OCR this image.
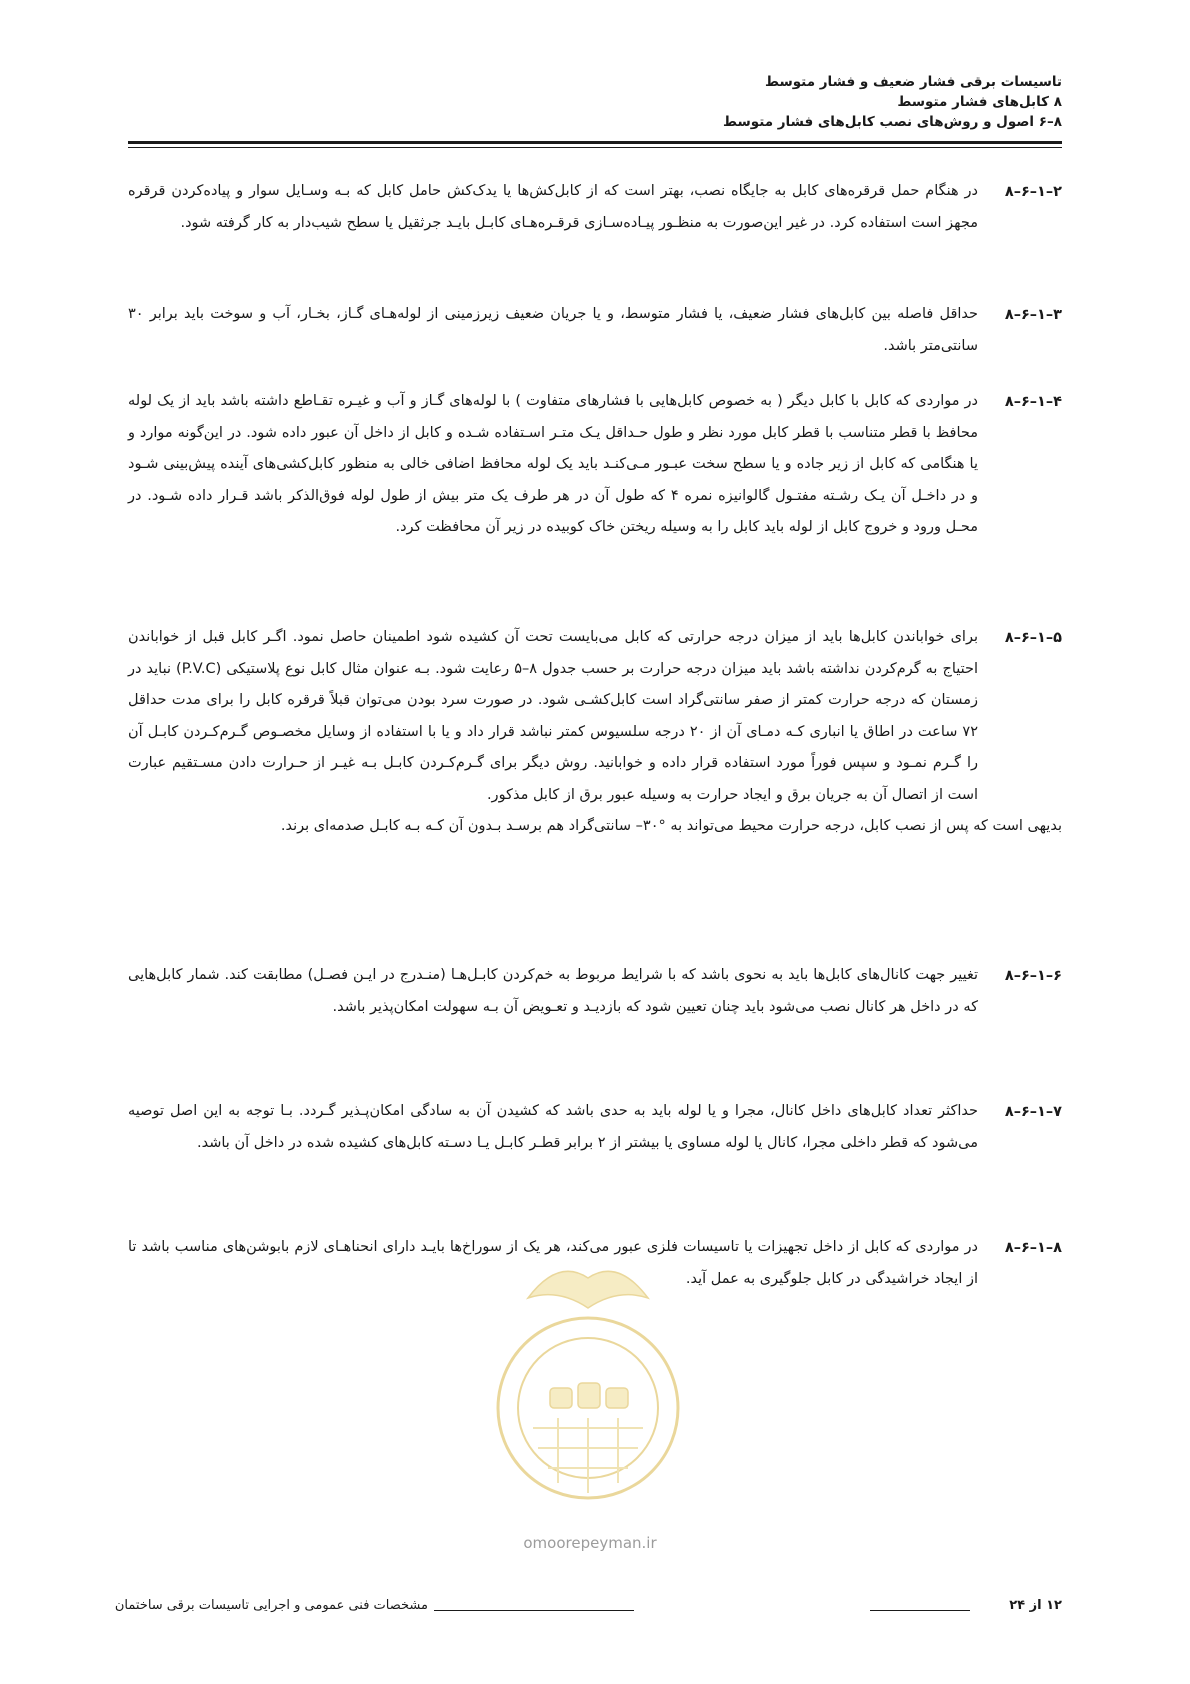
تاسیسات برقی فشار ضعیف و فشار متوسط
۸ کابل‌های فشار متوسط
۸–۶ اصول و روش‌های نصب کابل‌های فشار متوسط
۸–۶–۱–۲
در هنگام حمل قرقره‌های کابل به جایگاه نصب، بهتر است که از کابل‌کش‌ها یا یدک‌کش حامل کابل که بـه وسـایل سوار و پیاده‌کردن قرقره مجهز است استفاده کرد. در غیر این‌صورت به منظـور پیـاده‌سـازی قرقـره‌هـای کابـل بایـد جرثقیل یا سطح شیب‌دار به کار گرفته شود.
۸–۶–۱–۳
حداقل فاصله بین کابل‌های فشار ضعیف، یا فشار متوسط، و یا جریان ضعیف زیرزمینی از لوله‌هـای گـاز، بخـار، آب و سوخت باید برابر ۳۰ سانتی‌متر باشد.
۸–۶–۱–۴
در مواردی که کابل با کابل دیگر ( به خصوص کابل‌هایی با فشارهای متفاوت ) با لوله‌های گـاز و آب و غیـره تقـاطع داشته باشد باید از یک لوله محافظ با قطر متناسب با قطر کابل مورد نظر و طول حـداقل یـک متـر اسـتفاده شـده و کابل از داخل آن عبور داده شود. در این‌گونه موارد و یا هنگامی که کابل از زیر جاده و یا سطح سخت عبـور مـی‌کنـد باید یک لوله محافظ اضافی خالی به منظور کابل‌کشی‌های آینده پیش‌بینی شـود و در داخـل آن یـک رشـته مفتـول گالوانیزه نمره ۴ که طول آن در هر طرف یک متر بیش از طول لوله فوق‌الذکر باشد قـرار داده شـود. در محـل ورود و خروج کابل از لوله باید کابل را به وسیله ریختن خاک کوبیده در زیر آن محافظت کرد.
۸–۶–۱–۵
برای خواباندن کابل‌ها باید از میزان درجه حرارتی که کابل می‌بایست تحت آن کشیده شود اطمینان حاصل نمود. اگـر کابل قبل از خواباندن احتیاج به گرم‌کردن نداشته باشد باید میزان درجه حرارت بر حسب جدول ۸–۵ رعایت شود. بـه عنوان مثال کابل نوع پلاستیکی (P.V.C) نباید در زمستان که درجه حرارت کمتر از صفر سانتی‌گراد است کابل‌کشـی شود. در صورت سرد بودن می‌توان قبلاً قرقره کابل را برای مدت حداقل ۷۲ ساعت در اطاق یا انباری کـه دمـای آن از ۲۰ درجه سلسیوس کمتر نباشد قرار داد و یا با استفاده از وسایل مخصـوص گـرم‌کـردن کابـل آن را گـرم نمـود و سپس فوراً مورد استفاده قرار داده و خوابانید. روش دیگر برای گـرم‌کـردن کابـل بـه غیـر از حـرارت دادن مسـتقیم عبارت است از اتصال آن به جریان برق و ایجاد حرارت به وسیله عبور برق از کابل مذکور.
بدیهی است که پس از نصب کابل، درجه حرارت محیط می‌تواند به °۳۰– سانتی‌گراد هم برسـد بـدون آن کـه بـه کابـل صدمه‌ای برند.
۸–۶–۱–۶
تغییر جهت کانال‌های کابل‌ها باید به نحوی باشد که با شرایط مربوط به خم‌کردن کابـل‌هـا (منـدرج در ایـن فصـل) مطابقت کند. شمار کابل‌هایی که در داخل هر کانال نصب می‌شود باید چنان تعیین شود که بازدیـد و تعـویض آن بـه سهولت امکان‌پذیر باشد.
۸–۶–۱–۷
حداکثر تعداد کابل‌های داخل کانال، مجرا و یا لوله باید به حدی باشد که کشیدن آن به سادگی امکان‌پـذیر گـردد. بـا توجه به این اصل توصیه می‌شود که قطر داخلی مجرا، کانال یا لوله مساوی یا بیشتر از ۲ برابر قطـر کابـل یـا دسـته کابل‌های کشیده شده در داخل آن باشد.
۸–۶–۱–۸
در مواردی که کابل از داخل تجهیزات یا تاسیسات فلزی عبور می‌کند، هر یک از سوراخ‌ها بایـد دارای انحناهـای لازم بابوشن‌های مناسب باشد تا از ایجاد خراشیدگی در کابل جلوگیری به عمل آید.
omoorepeyman.ir
۱۲ از ۲۴
مشخصات فنی عمومی و اجرایی تاسیسات برقی ساختمان
